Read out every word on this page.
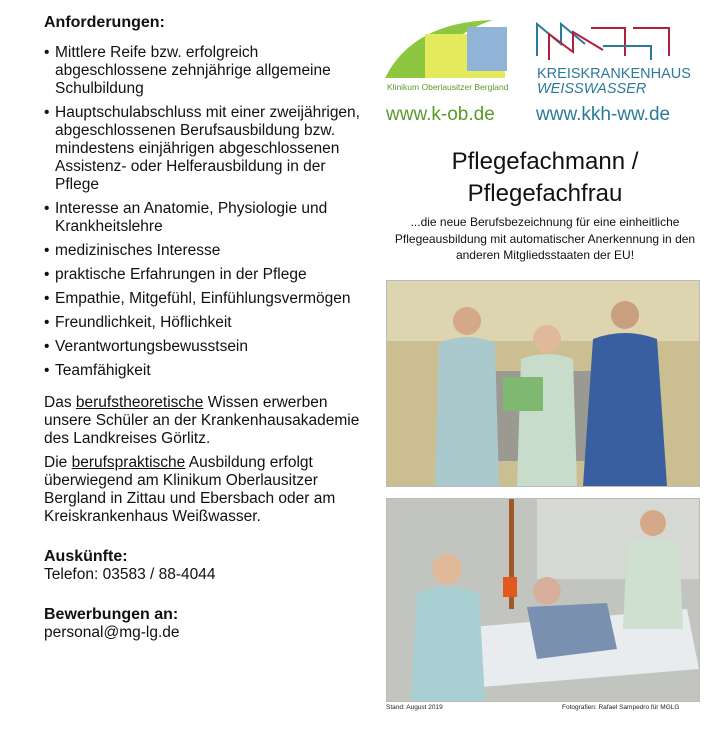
Anforderungen:
• Mittlere Reife bzw. erfolgreich abgeschlossene zehnjährige allgemeine Schulbildung
• Hauptschulabschluss mit einer zweijährigen, abgeschlossenen Berufsausbildung bzw. mindestens einjährigen abgeschlossenen Assistenz- oder Helferausbildung in der Pflege
• Interesse an Anatomie, Physiologie und Krankheitslehre
• medizinisches Interesse
• praktische Erfahrungen in der Pflege
• Empathie, Mitgefühl, Einfühlungsvermögen
• Freundlichkeit, Höflichkeit
• Verantwortungsbewusstsein
• Teamfähigkeit

Das berufstheoretische Wissen erwerben unsere Schüler an der Krankenhausakademie des Landkreises Görlitz.

Die berufspraktische Ausbildung erfolgt überwiegend am Klinikum Oberlausitzer Bergland in Zittau und Ebersbach oder am Kreiskrankenhaus Weißwasser.

Auskünfte:
Telefon: 03583 / 88-4044
Bewerbungen an:
personal@mg-lg.de
Klinikum Oberlausitzer Bergland
KREISKRANKENHAUS
WEISSWASSER
www.k-ob.de www.kkh-ww.de
Pflegefachmann /
Pflegefachfrau
...die neue Berufsbezeichnung für eine einheitliche Pflegeausbildung mit automatischer Anerkennung in den anderen Mitgliedsstaaten der EU!
Stand: August 2019	Fotografien: Rafael Sampedro für MGLG
